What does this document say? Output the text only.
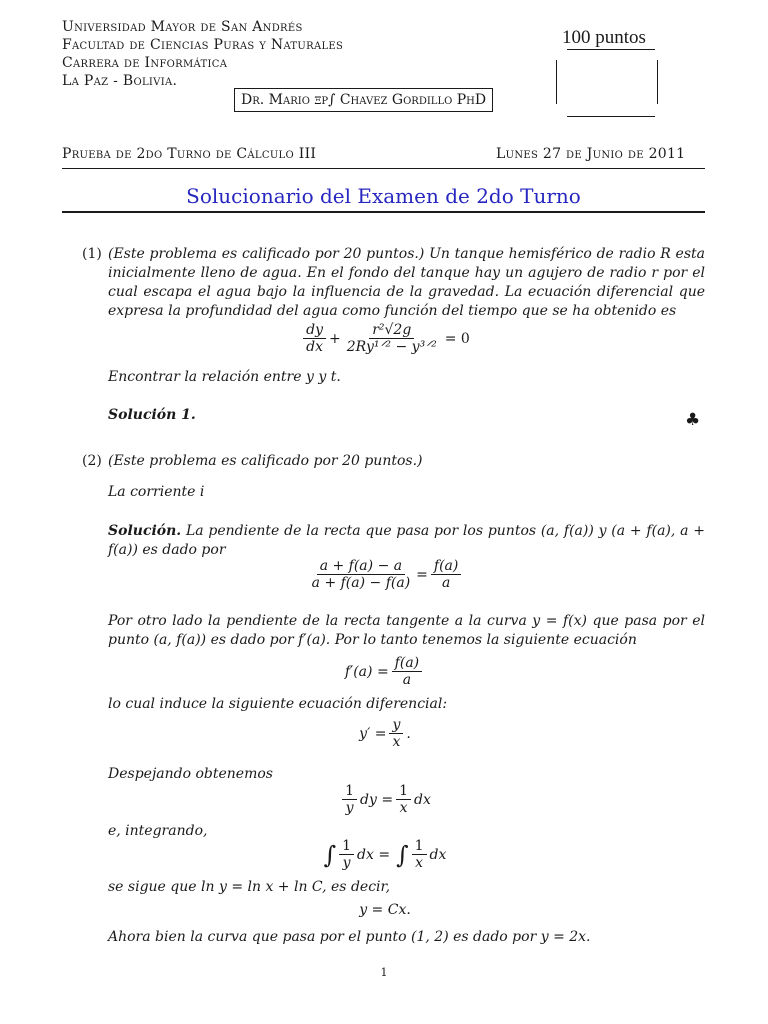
Universidad Mayor de San Andrés
Facultad de Ciencias Puras y Naturales
Carrera de Informática
La Paz - Bolivia.
Dr. Mario ξρ∫ Chavez Gordillo PhD
100 puntos
Prueba de 2do Turno de Cálculo III	Lunes 27 de Junio de 2011
Solucionario del Examen de 2do Turno
(1) (Este problema es calificado por 20 puntos.) Un tanque hemisférico de radio R esta inicialmente lleno de agua. En el fondo del tanque hay un agujero de radio r por el cual escapa el agua bajo la influencia de la gravedad. La ecuación diferencial que expresa la profundidad del agua como función del tiempo que se ha obtenido es
$\frac{dy}{dx} + \frac{\text{r²√2g}}{\text{2Ry¹ᐟ² − y³ᐟ²}} = 0$
Encontrar la relación entre y y t.
Solución 1.	♣
(2) (Este problema es calificado por 20 puntos.)
La corriente i
Solución. La pendiente de la recta que pasa por los puntos (a, f(a)) y (a + f(a), a + f(a)) es dado por
$\frac{a + f(a) - a}{a + f(a) - f(a)} = \frac{f(a)}{a}$
Por otro lado la pendiente de la recta tangente a la curva y = f(x) que pasa por el punto (a, f(a)) es dado por f′(a). Por lo tanto tenemos la siguiente ecuación
$f'(a) = \frac{f(a)}{a}$
lo cual induce la siguiente ecuación diferencial:
$y' = \frac{y}{x}$ .
Despejando obtenemos
$\frac{1}{y}$ dy = $\frac{1}{x}$ dx
e, integrando,
∫ $\frac{1}{y}$ dx = ∫ $\frac{1}{x}$ dx
se sigue que ln y = ln x + ln C, es decir,
y = Cx.
Ahora bien la curva que pasa por el punto (1, 2) es dado por y = 2x.
1
